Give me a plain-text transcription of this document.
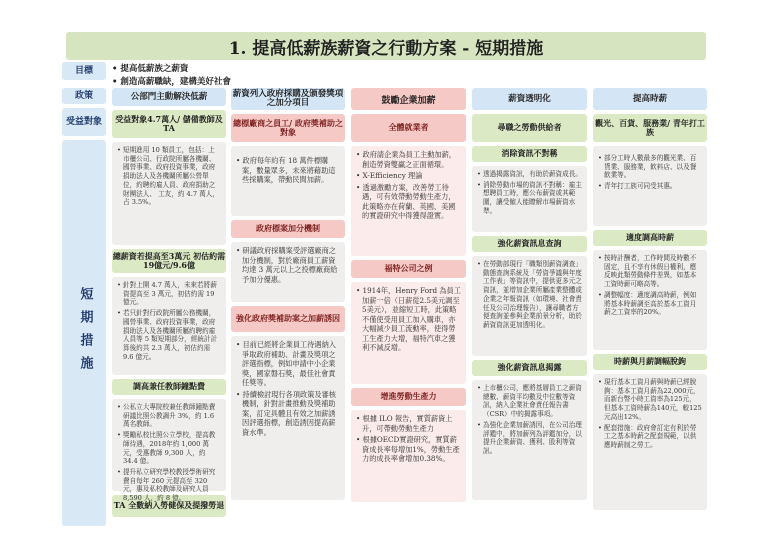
1. 提高低薪族薪資之行動方案 - 短期措施
目標
政策
受益對象
短期措施
• 提高低薪族之薪資
• 創造高薪職缺，建構美好社會
公部門主動解決低薪
受益對象4.7萬人/ 儲備教師及TA
• 短期進用 10 類員工，包括：上市櫃公司、行政院所屬各機關、國營事業、政府投資事業，政府捐助法人及各機關所屬公營單位，約聘約雇人員、政府捐助之財團法人、 工友，約 4.7 萬人，占 3.5%。
總薪資若提高至3萬元 初估約需19億元/9.6億
• 針對上開 4.7 萬人，未來若將薪資提高至 3 萬元，初估約需 19 億元。
• 若只針對行政院所屬公務機關，國營事業、政府投資事業，政府捐助法人及各機關所屬約聘約雇人員等 5 類短期部分，經統計計算後約共 2.3 萬人，初估約需 9.6 億元。
調高兼任教師鐘點費
• 公私立大專院校兼任教師鐘點費研議比照公教調升 3%，約 1.6 萬名教師。
• 獎勵私校比照公立學校，提高教師待遇，2018年約 1,000 萬元，受惠教師 9,300 人，約 34.4 億。
• 提升私立研究學校教授學術研究費自每年 260 元提高至 320 元，惠及私校教師及研究人員 8,590 人，約 8 億。
TA 全數納入勞健保及提撥勞退
薪資列入政府採購及颁發獎項之加分項目
總標廠商之員工/ 政府獎補助之對象
• 政府每年約有 18 萬件標購案，數量眾多，未來將藉助這些採購案，帶動民間加薪。
政府標案加分機制
• 研議政府採購案受評選廠商之加分機制，對於廠商員工薪資均達 3 萬元以上之投標廠商給予加分優惠。
強化政府獎補助案之加薪誘因
• 目前已經將企業員工待遇納入爭取政府補助、計畫及獎項之評選指標，例如申請中小企業獎，國家磐石獎，最佳社會責任獎等。
• 持續檢討現行各項政策及審核機制，針對計畫推動及獎補助案，訂定具體且有效之加薪誘因評選指標，創造誘因提高薪資水準。
鼓勵企業加薪
全體就業者
• 政府請企業為員工主動加薪，創造勞資雙贏之正面循環。
• X-Efficiency 理論
• 透過激勵方案，改善勞工待遇，可有效帶動勞動生產力，此策略亦在荷蘭、英國、美國的實證研究中得獲得證實。
福特公司之例
• 1914年，Henry Ford 為員工加薪一倍（日薪從2.5美元調至5美元），並縮短工時，此策略不僅使受用員工加入購車，亦大幅減少員工流動率，使得勞工生產力大增，福特汽車之獲利不減反增。
增進勞動生產力
• 根據 ILO 報告，實質薪資上升，可帶動勞動生產力
• 根據OECD實證研究，實質薪資成長率每增加1%，勞動生產力的成長率會增加0.38%。
薪資透明化
尋職之勞動供給者
消除資訊不對稱
• 透過揭露資訊，有助於薪資成長。
• 消除勞動市場的資訊不對稱：雇主想聘員工時，應公布薪資或其範圍，讓受僱人能瞭解市場薪資水準。
強化薪資訊息查詢
• 在勞動部現行「職類別薪資調查」動態查詢系統及「勞資爭議與年度工作表」等資訊中，提供更多元之資訊，並增加企業所屬產業整體或企業之年報資訊（如環境、社會責任及公司治理報告），讓尋職者方便查詢並參與企業前景分析，助於薪資資訊更加透明化。
強化薪資訊息揭露
• 上市櫃公司，應將基層員工之薪資總數、薪資平均數及中位數等資訊，納入企業社會責任報告書（CSR）中的揭露事項。
• 為強化企業加薪誘因，在公司治理評鑑中，將加薪列為評鑑加分，以提升企業薪資、獲利、股利等資訊。
提高時薪
觀光、百貨、服務業/ 青年打工族
• 部分工時人數最多的觀光業、百貨業、服務業，飲料店、以及餐飲業等。
• 青年打工族可同受其惠。
適度調高時薪
• 按時計酬者，工作時間及時數不固定，且不享有休假日權利，應反映此類勞動條件差異，如基本工資時薪可略高等。
• 調整幅度：適度調高時薪，例如將基本時薪調至高於基本工資月薪之工資率的20%。
時薪與月薪調幅脫鉤
• 現行基本工資月薪與時薪已經脫鉤：基本工資月薪為22,000元，而新台幣小時工資率為125元，但基本工資時薪為140元，較125元高出12%。
• 配套措施：政府會訂定有利於勞工之基本時薪之配套規範，以供應時薪制之勞工。
